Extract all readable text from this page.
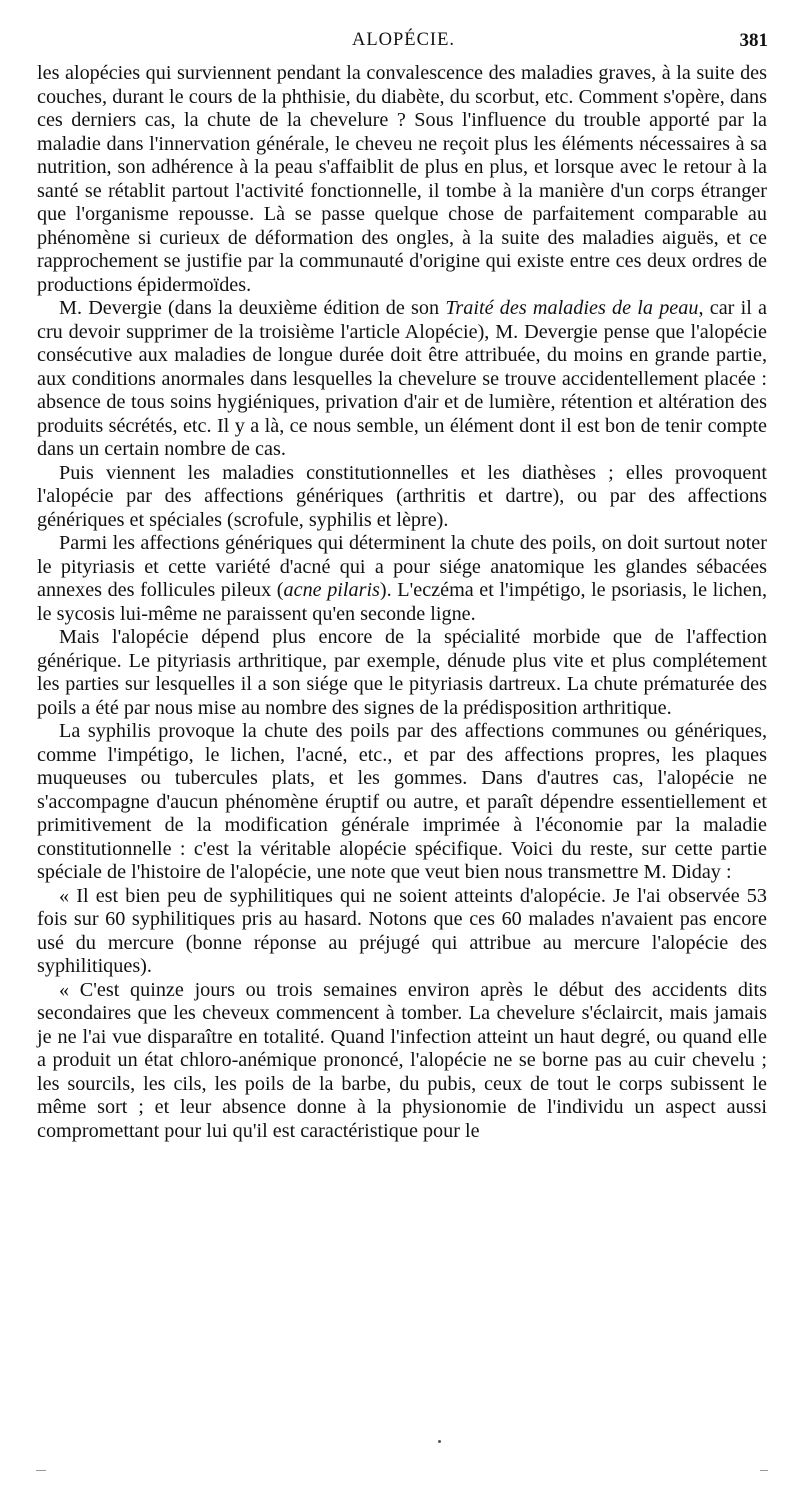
ALOPÉCIE.	381

les alopécies qui surviennent pendant la convalescence des maladies graves, à la suite des couches, durant le cours de la phthisie, du diabète, du scorbut, etc. Comment s'opère, dans ces derniers cas, la chute de la chevelure ? Sous l'influence du trouble apporté par la maladie dans l'innervation générale, le cheveu ne reçoit plus les éléments nécessaires à sa nutrition, son adhérence à la peau s'affaiblit de plus en plus, et lorsque avec le retour à la santé se rétablit partout l'activité fonctionnelle, il tombe à la manière d'un corps étranger que l'organisme repousse. Là se passe quelque chose de parfaitement comparable au phénomène si curieux de déformation des ongles, à la suite des maladies aiguës, et ce rapprochement se justifie par la communauté d'origine qui existe entre ces deux ordres de productions épidermoïdes.

M. Devergie (dans la deuxième édition de son Traité des maladies de la peau, car il a cru devoir supprimer de la troisième l'article Alopécie), M. Devergie pense que l'alopécie consécutive aux maladies de longue durée doit être attribuée, du moins en grande partie, aux conditions anormales dans lesquelles la chevelure se trouve accidentellement placée : absence de tous soins hygiéniques, privation d'air et de lumière, rétention et altération des produits sécrétés, etc. Il y a là, ce nous semble, un élément dont il est bon de tenir compte dans un certain nombre de cas.

Puis viennent les maladies constitutionnelles et les diathèses ; elles provoquent l'alopécie par des affections génériques (arthritis et dartre), ou par des affections génériques et spéciales (scrofule, syphilis et lèpre).

Parmi les affections génériques qui déterminent la chute des poils, on doit surtout noter le pityriasis et cette variété d'acné qui a pour siége anatomique les glandes sébacées annexes des follicules pileux (acne pilaris). L'eczéma et l'impétigo, le psoriasis, le lichen, le sycosis lui-même ne paraissent qu'en seconde ligne.

Mais l'alopécie dépend plus encore de la spécialité morbide que de l'affection générique. Le pityriasis arthritique, par exemple, dénude plus vite et plus complétement les parties sur lesquelles il a son siége que le pityriasis dartreux. La chute prématurée des poils a été par nous mise au nombre des signes de la prédisposition arthritique.

La syphilis provoque la chute des poils par des affections communes ou génériques, comme l'impétigo, le lichen, l'acné, etc., et par des affections propres, les plaques muqueuses ou tubercules plats, et les gommes. Dans d'autres cas, l'alopécie ne s'accompagne d'aucun phénomène éruptif ou autre, et paraît dépendre essentiellement et primitivement de la modification générale imprimée à l'économie par la maladie constitutionnelle : c'est la véritable alopécie spécifique. Voici du reste, sur cette partie spéciale de l'histoire de l'alopécie, une note que veut bien nous transmettre M. Diday :

« Il est bien peu de syphilitiques qui ne soient atteints d'alopécie. Je l'ai observée 53 fois sur 60 syphilitiques pris au hasard. Notons que ces 60 malades n'avaient pas encore usé du mercure (bonne réponse au préjugé qui attribue au mercure l'alopécie des syphilitiques).

« C'est quinze jours ou trois semaines environ après le début des accidents dits secondaires que les cheveux commencent à tomber. La chevelure s'éclaircit, mais jamais je ne l'ai vue disparaître en totalité. Quand l'infection atteint un haut degré, ou quand elle a produit un état chloro-anémique prononcé, l'alopécie ne se borne pas au cuir chevelu ; les sourcils, les cils, les poils de la barbe, du pubis, ceux de tout le corps subissent le même sort ; et leur absence donne à la physionomie de l'individu un aspect aussi compromettant pour lui qu'il est caractéristique pour le
